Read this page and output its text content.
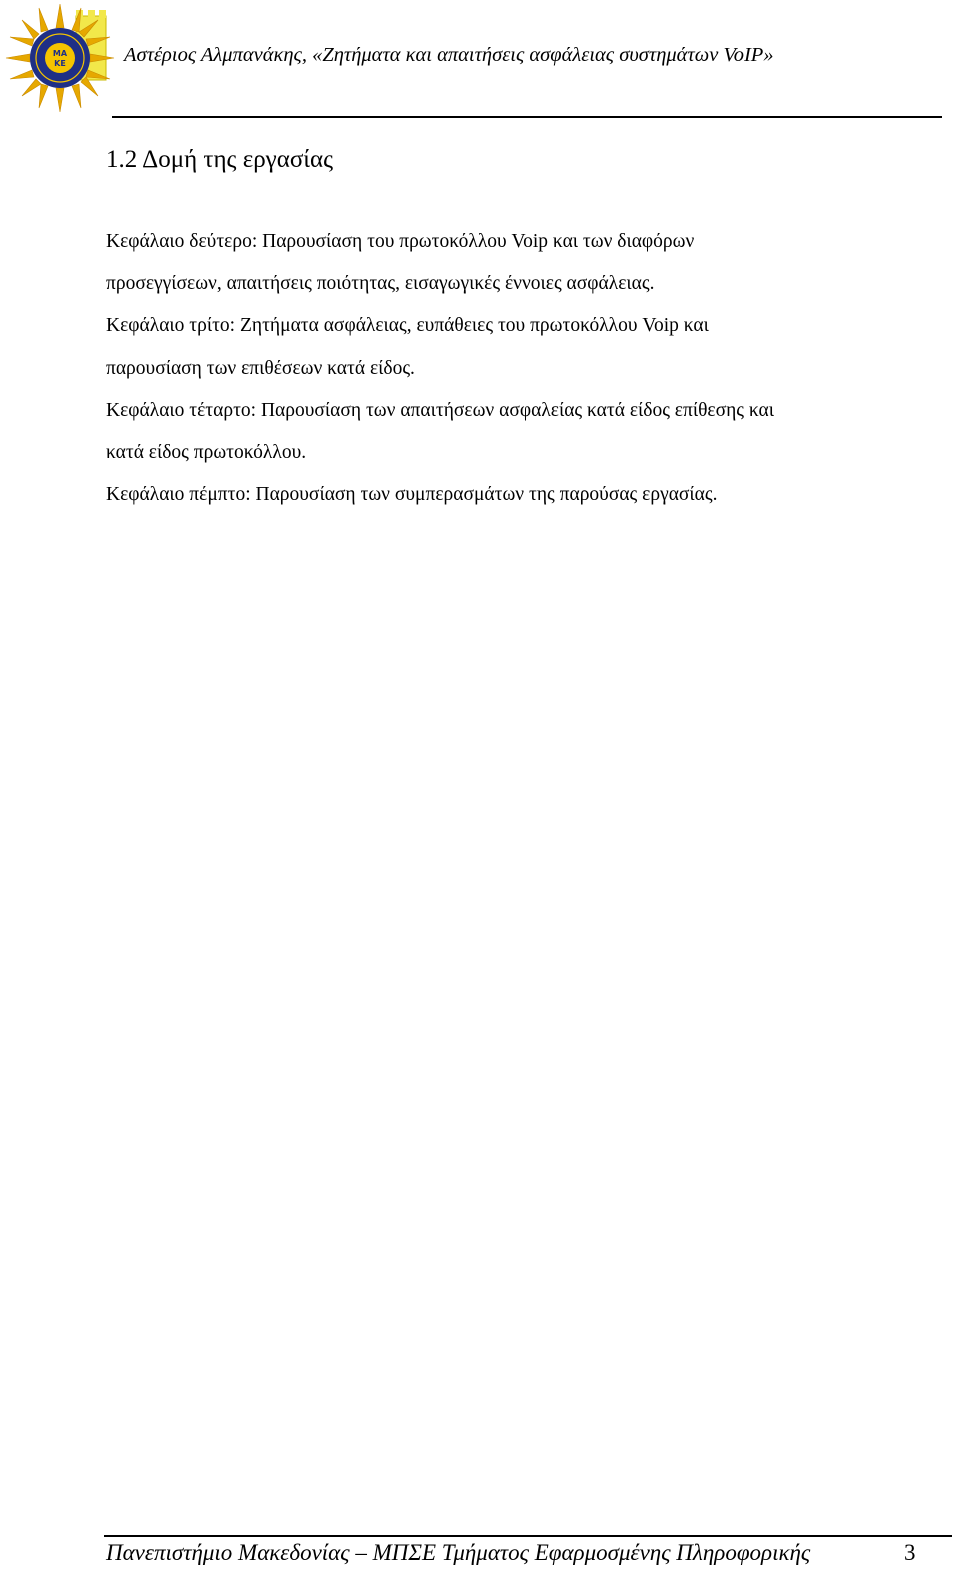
ΜΑ
ΚΕ	Αστέριος Αλμπανάκης, «Ζητήματα και απαιτήσεις ασφάλειας συστημάτων VoIP»
1.2 Δομή της εργασίας

Κεφάλαιο δεύτερο: Παρουσίαση του πρωτοκόλλου Voip και των διαφόρων

προσεγγίσεων, απαιτήσεις ποιότητας, εισαγωγικές έννοιες ασφάλειας.

Κεφάλαιο τρίτο: Ζητήματα ασφάλειας, ευπάθειες του πρωτοκόλλου Voip και

παρουσίαση των επιθέσεων κατά είδος.

Κεφάλαιο τέταρτο: Παρουσίαση των απαιτήσεων ασφαλείας κατά είδος επίθεσης και

κατά είδος πρωτοκόλλου.

Κεφάλαιο πέμπτο: Παρουσίαση των συμπερασμάτων της παρούσας εργασίας.

Πανεπιστήμιο Μακεδονίας – ΜΠΣΕ Τμήματος Εφαρμοσμένης Πληροφορικής	3
